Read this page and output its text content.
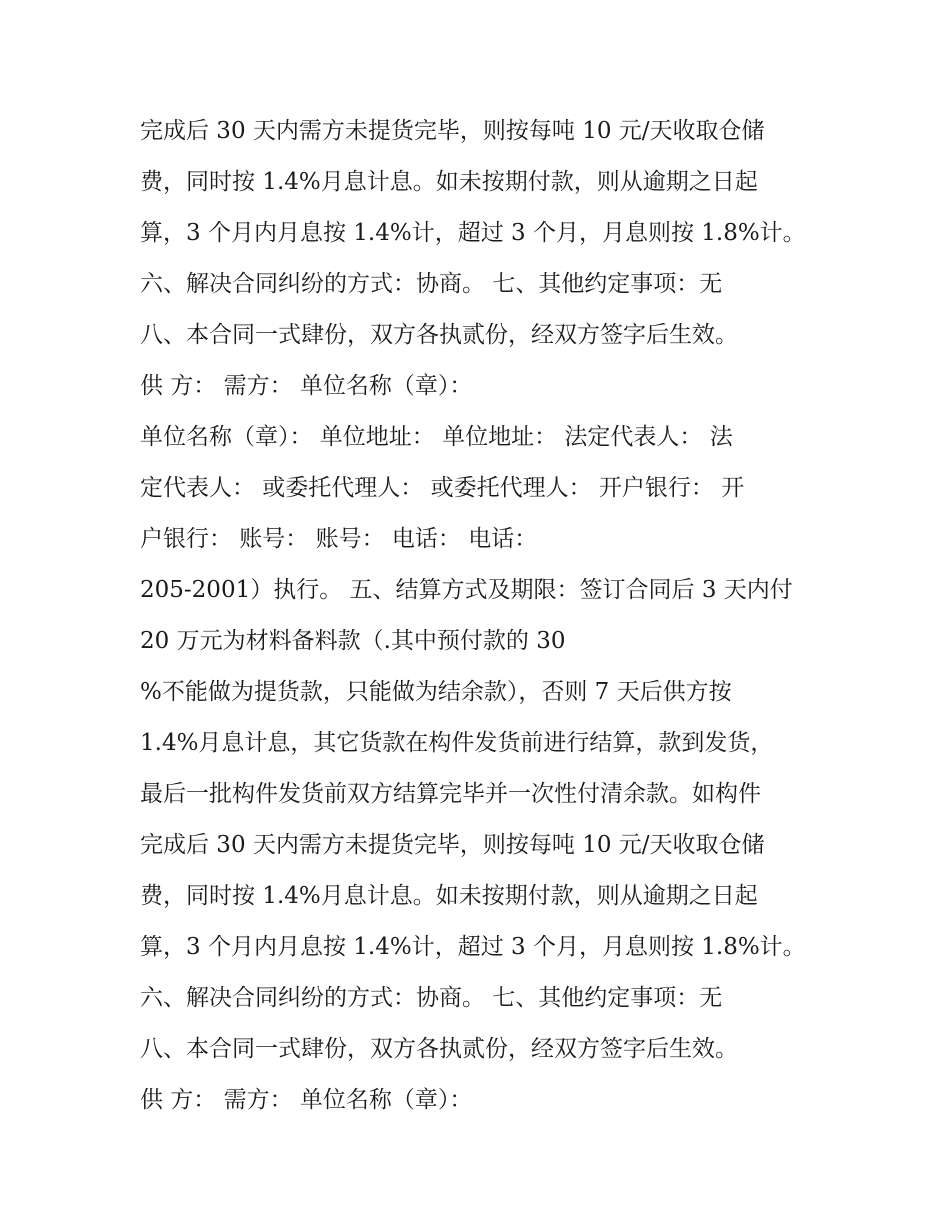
完成后 30 天内需方未提货完毕，则按每吨 10 元/天收取仓储
费，同时按 1.4%月息计息。如未按期付款，则从逾期之日起
算，3 个月内月息按 1.4%计，超过 3 个月，月息则按 1.8%计。
六、解决合同纠纷的方式：协商。 七、其他约定事项：无
八、本合同一式肆份，双方各执贰份，经双方签字后生效。
供 方： 需方： 单位名称（章）：
单位名称（章）： 单位地址： 单位地址： 法定代表人： 法
定代表人： 或委托代理人： 或委托代理人： 开户银行： 开
户银行： 账号： 账号： 电话： 电话：
205-2001）执行。 五、结算方式及期限：签订合同后 3 天内付
20 万元为材料备料款（.其中预付款的 30
%不能做为提货款，只能做为结余款），否则 7 天后供方按
1.4%月息计息，其它货款在构件发货前进行结算，款到发货，
最后一批构件发货前双方结算完毕并一次性付清余款。如构件
完成后 30 天内需方未提货完毕，则按每吨 10 元/天收取仓储
费，同时按 1.4%月息计息。如未按期付款，则从逾期之日起
算，3 个月内月息按 1.4%计，超过 3 个月，月息则按 1.8%计。
六、解决合同纠纷的方式：协商。 七、其他约定事项：无
八、本合同一式肆份，双方各执贰份，经双方签字后生效。
供 方： 需方： 单位名称（章）：
